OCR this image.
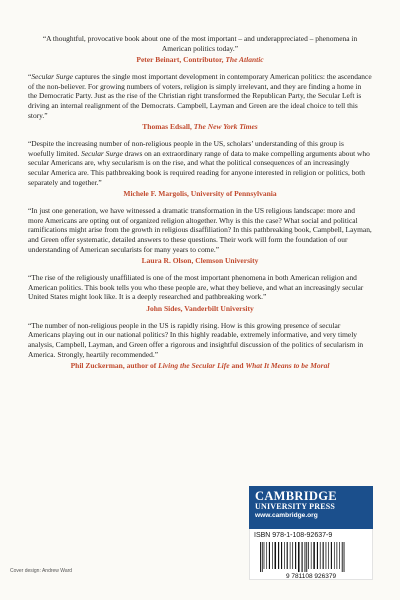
“A thoughtful, provocative book about one of the most important – and underappreciated – phenomena in American politics today.”

Peter Beinart, Contributor, The Atlantic

“Secular Surge captures the single most important development in contemporary American politics: the ascendance of the non-believer. For growing numbers of voters, religion is simply irrelevant, and they are finding a home in the Democratic Party. Just as the rise of the Christian right transformed the Republican Party, the Secular Left is driving an internal realignment of the Democrats. Campbell, Layman and Green are the ideal choice to tell this story.”

Thomas Edsall, The New York Times

“Despite the increasing number of non-religious people in the US, scholars’ understanding of this group is woefully limited. Secular Surge draws on an extraordinary range of data to make compelling arguments about who secular Americans are, why secularism is on the rise, and what the political consequences of an increasingly secular America are. This pathbreaking book is required reading for anyone interested in religion or politics, both separately and together.”

Michele F. Margolis, University of Pennsylvania

“In just one generation, we have witnessed a dramatic transformation in the US religious landscape: more and more Americans are opting out of organized religion altogether. Why is this the case? What social and political ramifications might arise from the growth in religious disaffiliation? In this pathbreaking book, Campbell, Layman, and Green offer systematic, detailed answers to these questions. Their work will form the foundation of our understanding of American secularists for many years to come.”

Laura R. Olson, Clemson University

“The rise of the religiously unaffiliated is one of the most important phenomena in both American religion and American politics. This book tells you who these people are, what they believe, and what an increasingly secular United States might look like. It is a deeply researched and pathbreaking work.”

John Sides, Vanderbilt University

“The number of non-religious people in the US is rapidly rising. How is this growing presence of secular Americans playing out in our national politics? In this highly readable, extremely informative, and very timely analysis, Campbell, Layman, and Green offer a rigorous and insightful discussion of the politics of secularism in America. Strongly, heartily recommended.”

Phil Zuckerman, author of Living the Secular Life and What It Means to be Moral

CAMBRIDGE

UNIVERSITY PRESS

www.cambridge.org

ISBN 978-1-108-92637-9

9 781108 926379
Cover design: Andrew Ward
